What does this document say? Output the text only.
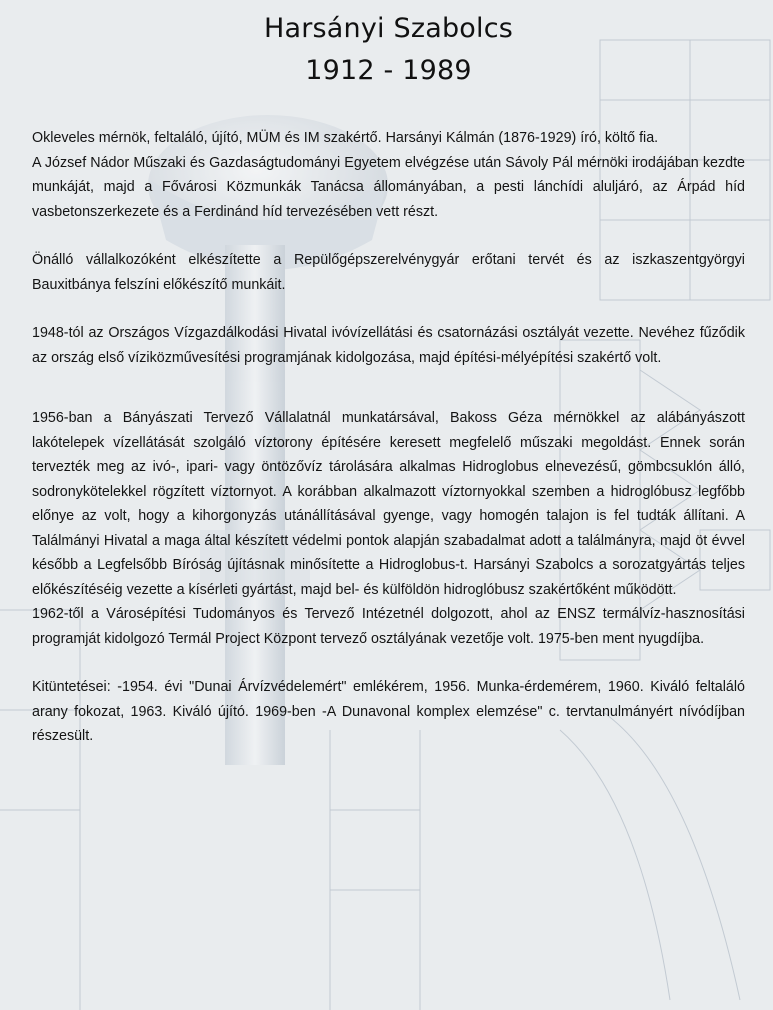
Harsányi Szabolcs
1912 - 1989

Okleveles mérnök, feltaláló, újító, MÜM és IM szakértő. Harsányi Kálmán (1876-1929) író, költő fia.

A József Nádor Műszaki és Gazdaságtudományi Egyetem elvégzése után Sávoly Pál mérnöki irodájában kezdte munkáját, majd a Fővárosi Közmunkák Tanácsa állományában, a pesti lánchídi aluljáró, az Árpád híd vasbetonszerkezete és a Ferdinánd híd tervezésében vett részt.

Önálló vállalkozóként elkészítette a Repülőgépszerelvénygyár erőtani tervét és az iszkaszentgyörgyi Bauxitbánya felszíni előkészítő munkáit.

1948-tól az Országos Vízgazdálkodási Hivatal ivóvízellátási és csatornázási osztályát vezette. Nevéhez fűződik az ország első víziközművesítési programjának kidolgozása, majd építési-mélyépítési szakértő volt.

1956-ban a Bányászati Tervező Vállalatnál munkatársával, Bakoss Géza mérnökkel az alábányászott lakótelepek vízellátását szolgáló víztorony építésére keresett megfelelő műszaki megoldást. Ennek során tervezték meg az ivó-, ipari- vagy öntözővíz tárolására alkalmas Hidroglobus elnevezésű, gömbcsuklón álló, sodronykötelekkel rögzített víztornyot. A korábban alkalmazott víztornyokkal szemben a hidroglóbusz legfőbb előnye az volt, hogy a kihorgonyzás utánállításával gyenge, vagy homogén talajon is fel tudták állítani. A Találmányi Hivatal a maga által készített védelmi pontok alapján szabadalmat adott a találmányra, majd öt évvel később a Legfelsőbb Bíróság újításnak minősítette a Hidroglobus-t. Harsányi Szabolcs a sorozatgyártás teljes előkészítéséig vezette a kísérleti gyártást, majd bel- és külföldön hidroglóbusz szakértőként működött.

1962-től a Városépítési Tudományos és Tervező Intézetnél dolgozott, ahol az ENSZ termálvíz-hasznosítási programját kidolgozó Termál Project Központ tervező osztályának vezetője volt. 1975-ben ment nyugdíjba.

Kitüntetései: -1954. évi "Dunai Árvízvédelemért" emlékérem, 1956. Munka-érdemérem, 1960. Kiváló feltaláló arany fokozat, 1963. Kiváló újító. 1969-ben -A Dunavonal komplex elemzése" c. tervtanulmányért nívódíjban részesült.
